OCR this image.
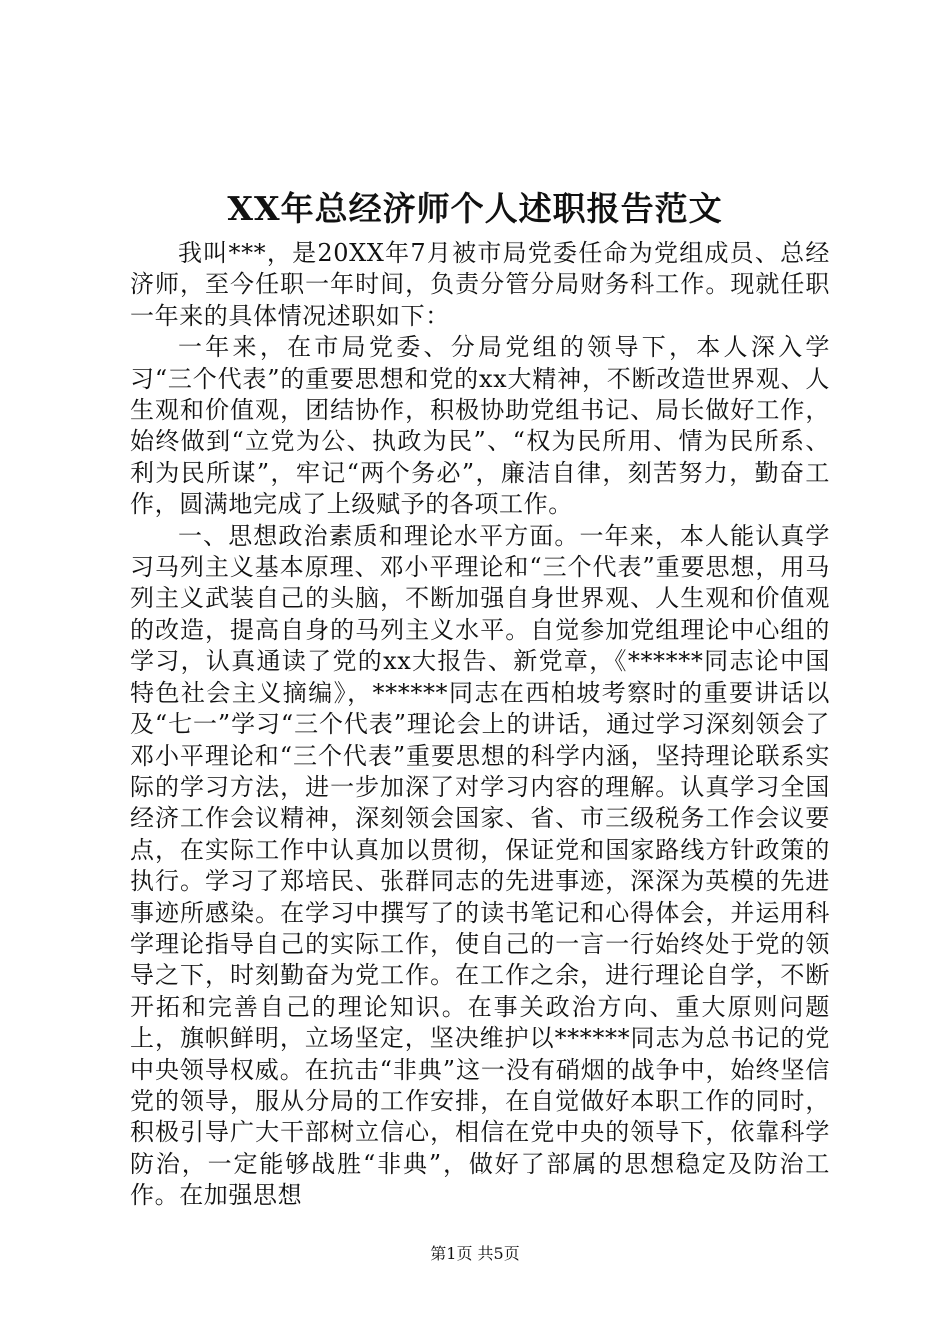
XX年总经济师个人述职报告范文

我叫***，是20XX年7月被市局党委任命为党组成员、总经济师，至今任职一年时间，负责分管分局财务科工作。现就任职一年来的具体情况述职如下：

一年来，在市局党委、分局党组的领导下，本人深入学习“三个代表”的重要思想和党的xx大精神，不断改造世界观、人生观和价值观，团结协作，积极协助党组书记、局长做好工作，始终做到“立党为公、执政为民”、“权为民所用、情为民所系、利为民所谋”，牢记“两个务必”，廉洁自律，刻苦努力，勤奋工作，圆满地完成了上级赋予的各项工作。

一、思想政治素质和理论水平方面。一年来，本人能认真学习马列主义基本原理、邓小平理论和“三个代表”重要思想，用马列主义武装自己的头脑，不断加强自身世界观、人生观和价值观的改造，提高自身的马列主义水平。自觉参加党组理论中心组的学习，认真通读了党的xx大报告、新党章，《******同志论中国特色社会主义摘编》，******同志在西柏坡考察时的重要讲话以及“七一”学习“三个代表”理论会上的讲话，通过学习深刻领会了邓小平理论和“三个代表”重要思想的科学内涵，坚持理论联系实际的学习方法，进一步加深了对学习内容的理解。认真学习全国经济工作会议精神，深刻领会国家、省、市三级税务工作会议要点，在实际工作中认真加以贯彻，保证党和国家路线方针政策的执行。学习了郑培民、张群同志的先进事迹，深深为英模的先进事迹所感染。在学习中撰写了的读书笔记和心得体会，并运用科学理论指导自己的实际工作，使自己的一言一行始终处于党的领导之下，时刻勤奋为党工作。在工作之余，进行理论自学，不断开拓和完善自己的理论知识。在事关政治方向、重大原则问题上，旗帜鲜明，立场坚定，坚决维护以******同志为总书记的党中央领导权威。在抗击“非典”这一没有硝烟的战争中，始终坚信党的领导，服从分局的工作安排，在自觉做好本职工作的同时，积极引导广大干部树立信心，相信在党中央的领导下，依靠科学防治，一定能够战胜“非典”，做好了部属的思想稳定及防治工作。在加强思想

第1页 共5页
